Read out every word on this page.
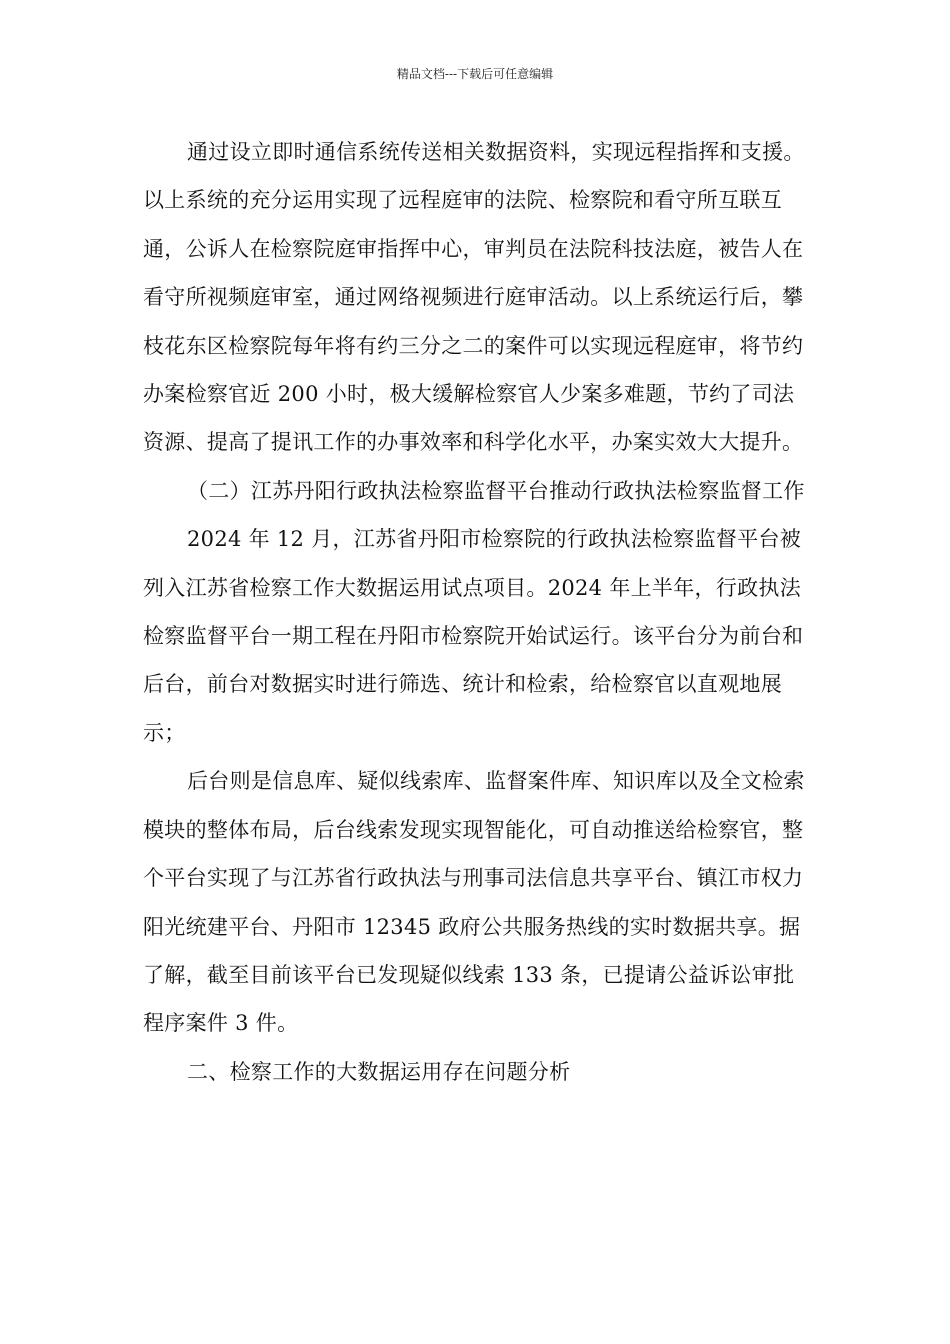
精品文档---下载后可任意编辑

通过设立即时通信系统传送相关数据资料，实现远程指挥和支援。以上系统的充分运用实现了远程庭审的法院、检察院和看守所互联互通，公诉人在检察院庭审指挥中心，审判员在法院科技法庭，被告人在看守所视频庭审室，通过网络视频进行庭审活动。以上系统运行后，攀枝花东区检察院每年将有约三分之二的案件可以实现远程庭审，将节约办案检察官近 200 小时，极大缓解检察官人少案多难题，节约了司法资源、提高了提讯工作的办事效率和科学化水平，办案实效大大提升。

（二）江苏丹阳行政执法检察监督平台推动行政执法检察监督工作

2024 年 12 月，江苏省丹阳市检察院的行政执法检察监督平台被列入江苏省检察工作大数据运用试点项目。2024 年上半年，行政执法检察监督平台一期工程在丹阳市检察院开始试运行。该平台分为前台和后台，前台对数据实时进行筛选、统计和检索，给检察官以直观地展示；

后台则是信息库、疑似线索库、监督案件库、知识库以及全文检索模块的整体布局，后台线索发现实现智能化，可自动推送给检察官，整个平台实现了与江苏省行政执法与刑事司法信息共享平台、镇江市权力阳光统建平台、丹阳市 12345 政府公共服务热线的实时数据共享。据了解，截至目前该平台已发现疑似线索 133 条，已提请公益诉讼审批程序案件 3 件。

二、检察工作的大数据运用存在问题分析
